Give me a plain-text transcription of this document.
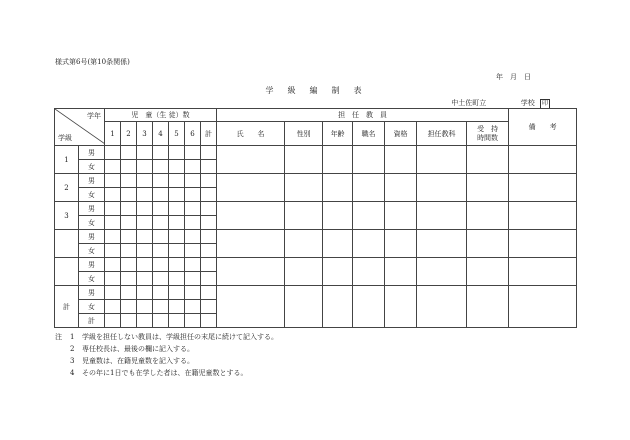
様式第6号(第10条関係)
年　月　日
学　級　編　制　表
中土佐町立	学校 印
学年
学級		児　童（生 徒）数							担　任　教　員							備　　考
		1	2	3	4	5	6	計	氏　　名	性別	年齢	職名	資格	担任教科	受　持
時間数	
1	男															
	女															
2	男															
	女															
3	男															
	女															
	男															
	女															
	男															
	女															
計	男															
	女															
	計															
注 1 学級を担任しない教員は、学級担任の末尾に続けて記入する。
2 専任校長は、最後の欄に記入する。
3 児童数は、在籍児童数を記入する。
4 その年に1日でも在学した者は、在籍児童数とする。
